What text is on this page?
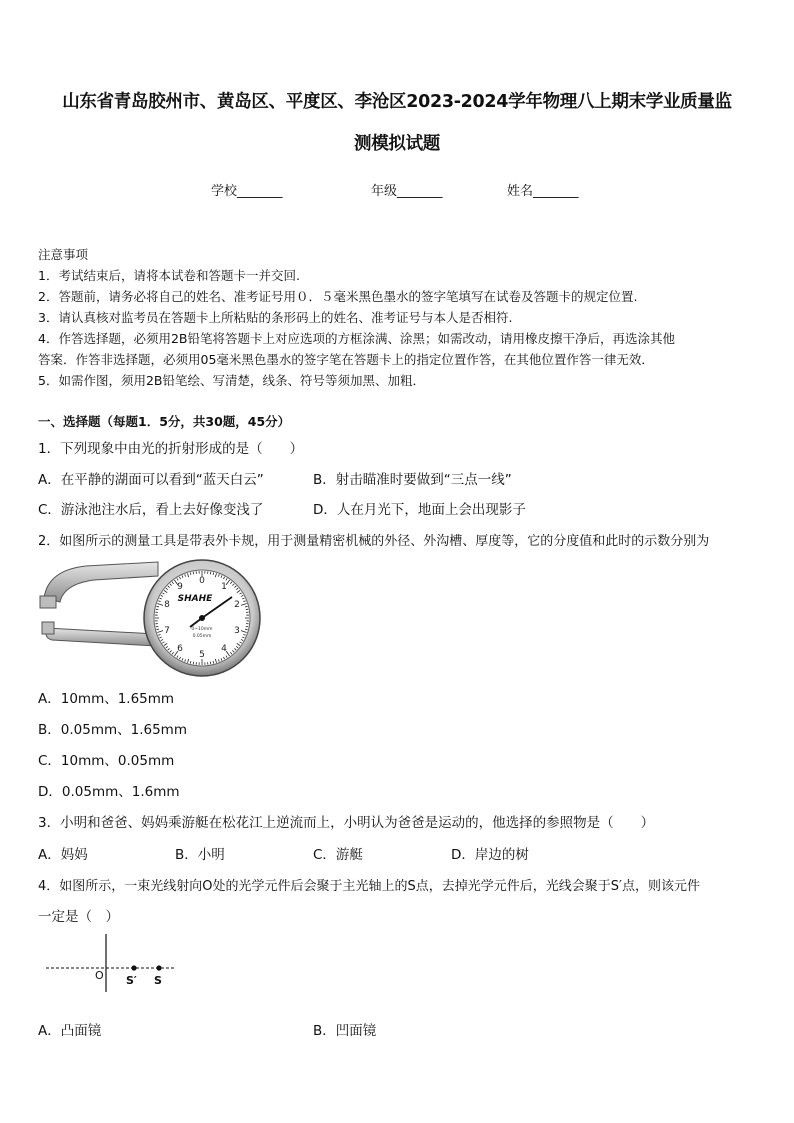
山东省青岛胶州市、黄岛区、平度区、李沧区2023-2024学年物理八上期末学业质量监
测模拟试题
学校_______	年级_______	姓名_______
注意事项
1．考试结束后，请将本试卷和答题卡一并交回.
2．答题前，请务必将自己的姓名、准考证号用０．５毫米黑色墨水的签字笔填写在试卷及答题卡的规定位置.
3．请认真核对监考员在答题卡上所粘贴的条形码上的姓名、准考证号与本人是否相符.
4．作答选择题，必须用2B铅笔将答题卡上对应选项的方框涂满、涂黑；如需改动，请用橡皮擦干净后，再选涂其他
答案．作答非选择题，必须用05毫米黑色墨水的签字笔在答题卡上的指定位置作答，在其他位置作答一律无效．
5．如需作图，须用2B铅笔绘、写清楚，线条、符号等须加黑、加粗．
一、选择题（每题1．5分，共30题，45分）
1．下列现象中由光的折射形成的是（　　）
A．在平静的湖面可以看到“蓝天白云”	B．射击瞄准时要做到“三点一线”
C．游泳池注水后，看上去好像变浅了	D．人在月光下，地面上会出现影子
2．如图所示的测量工具是带表外卡规，用于测量精密机械的外径、外沟槽、厚度等，它的分度值和此时的示数分别为
0
1
2
3
4
5
6
7
8
9
SHAHE
0~10mm
0.05mm
A．10mm、1.65mm
B．0.05mm、1.65mm
C．10mm、0.05mm
D．0.05mm、1.6mm
3．小明和爸爸、妈妈乘游艇在松花江上逆流而上，小明认为爸爸是运动的，他选择的参照物是（　　）
A．妈妈	B．小明	C．游艇	D．岸边的树
4．如图所示，一束光线射向O处的光学元件后会聚于主光轴上的S点，去掉光学元件后，光线会聚于S′点，则该元件
一定是（　）
O S′ S
A．凸面镜	B．凹面镜
